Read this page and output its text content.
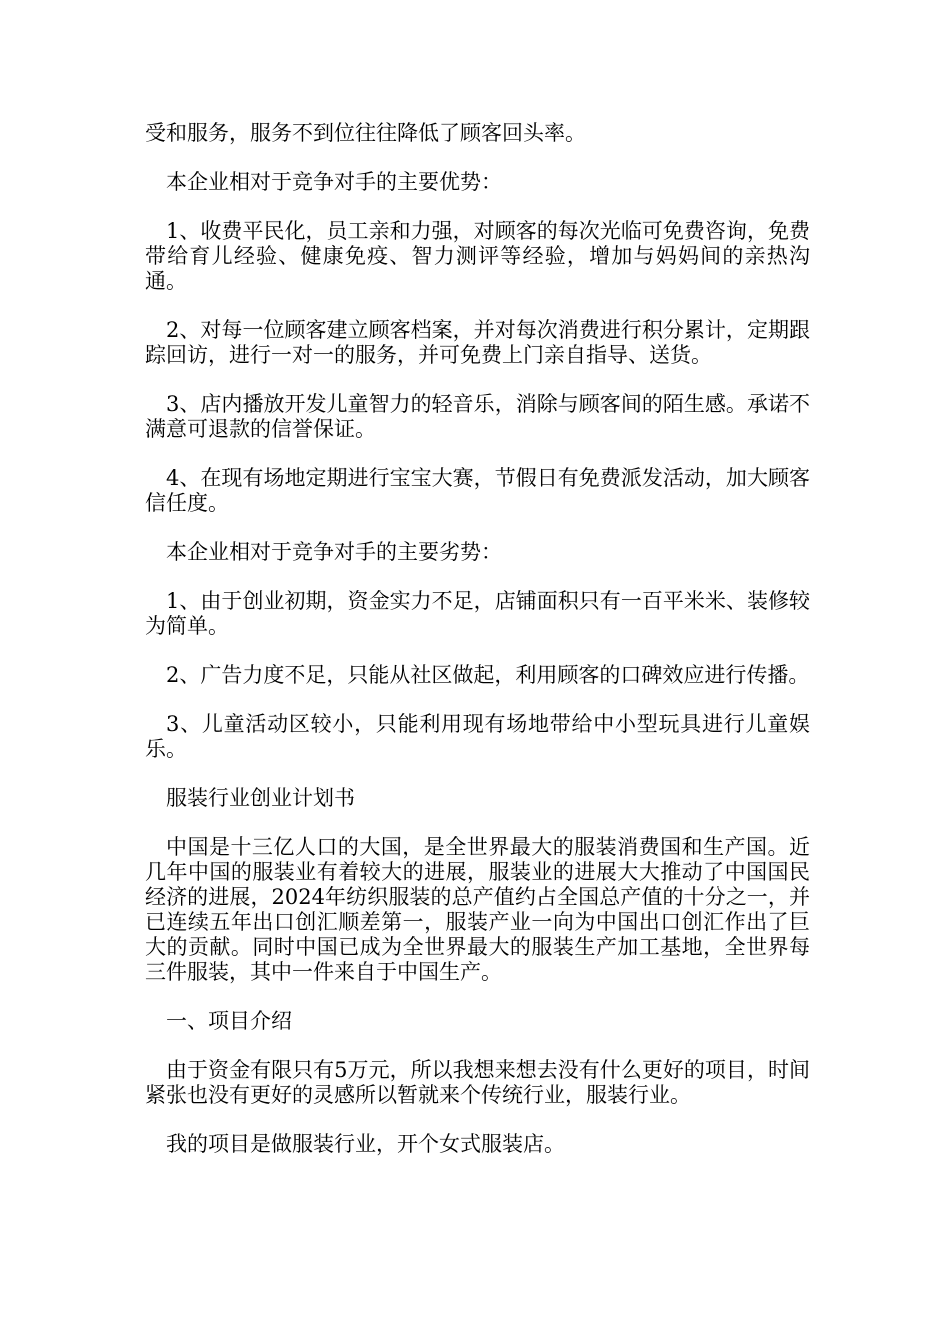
受和服务，服务不到位往往降低了顾客回头率。

本企业相对于竞争对手的主要优势：

1、收费平民化，员工亲和力强，对顾客的每次光临可免费咨询，免费带给育儿经验、健康免疫、智力测评等经验，增加与妈妈间的亲热沟通。

2、对每一位顾客建立顾客档案，并对每次消费进行积分累计，定期跟踪回访，进行一对一的服务，并可免费上门亲自指导、送货。

3、店内播放开发儿童智力的轻音乐，消除与顾客间的陌生感。承诺不满意可退款的信誉保证。

4、在现有场地定期进行宝宝大赛，节假日有免费派发活动，加大顾客信任度。

本企业相对于竞争对手的主要劣势：

1、由于创业初期，资金实力不足，店铺面积只有一百平米米、装修较为简单。

2、广告力度不足，只能从社区做起，利用顾客的口碑效应进行传播。

3、儿童活动区较小，只能利用现有场地带给中小型玩具进行儿童娱乐。

服装行业创业计划书

中国是十三亿人口的大国，是全世界最大的服装消费国和生产国。近几年中国的服装业有着较大的进展，服装业的进展大大推动了中国国民经济的进展，2024年纺织服装的总产值约占全国总产值的十分之一，并已连续五年出口创汇顺差第一，服装产业一向为中国出口创汇作出了巨大的贡献。同时中国已成为全世界最大的服装生产加工基地，全世界每三件服装，其中一件来自于中国生产。

一、项目介绍

由于资金有限只有5万元，所以我想来想去没有什么更好的项目，时间紧张也没有更好的灵感所以暂就来个传统行业，服装行业。

我的项目是做服装行业，开个女式服装店。
